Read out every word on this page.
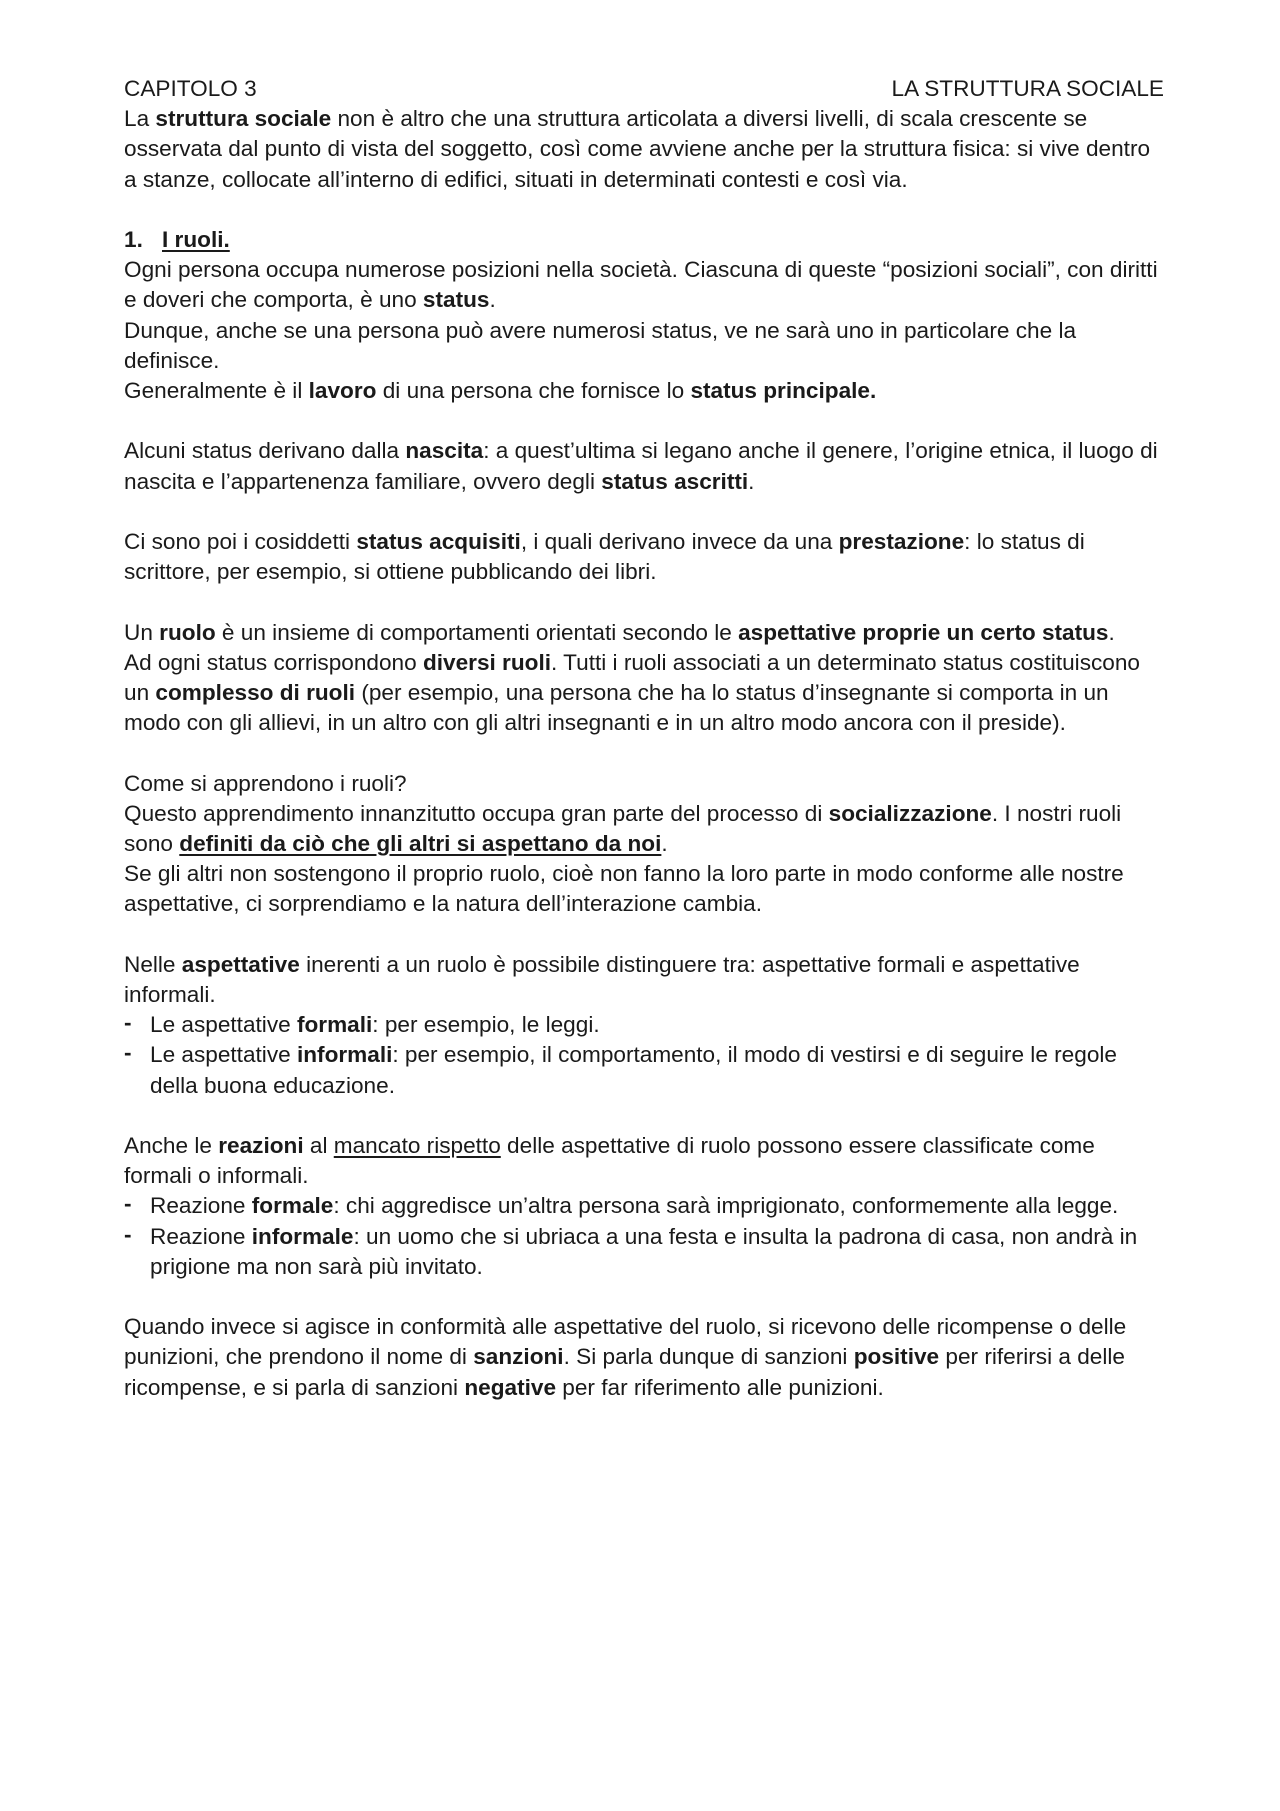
CAPITOLO 3	LA STRUTTURA SOCIALE

La struttura sociale non è altro che una struttura articolata a diversi livelli, di scala crescente se osservata dal punto di vista del soggetto, così come avviene anche per la struttura fisica: si vive dentro a stanze, collocate all’interno di edifici, situati in determinati contesti e così via.

1. I ruoli.

Ogni persona occupa numerose posizioni nella società. Ciascuna di queste “posizioni sociali”, con diritti e doveri che comporta, è uno status.

Dunque, anche se una persona può avere numerosi status, ve ne sarà uno in particolare che la definisce.

Generalmente è il lavoro di una persona che fornisce lo status principale.

Alcuni status derivano dalla nascita: a quest’ultima si legano anche il genere, l’origine etnica, il luogo di nascita e l’appartenenza familiare, ovvero degli status ascritti.

Ci sono poi i cosiddetti status acquisiti, i quali derivano invece da una prestazione: lo status di scrittore, per esempio, si ottiene pubblicando dei libri.

Un ruolo è un insieme di comportamenti orientati secondo le aspettative proprie un certo status.

Ad ogni status corrispondono diversi ruoli. Tutti i ruoli associati a un determinato status costituiscono un complesso di ruoli (per esempio, una persona che ha lo status d’insegnante si comporta in un modo con gli allievi, in un altro con gli altri insegnanti e in un altro modo ancora con il preside).

Come si apprendono i ruoli?

Questo apprendimento innanzitutto occupa gran parte del processo di socializzazione. I nostri ruoli sono definiti da ciò che gli altri si aspettano da noi.

Se gli altri non sostengono il proprio ruolo, cioè non fanno la loro parte in modo conforme alle nostre aspettative, ci sorprendiamo e la natura dell’interazione cambia.

Nelle aspettative inerenti a un ruolo è possibile distinguere tra: aspettative formali e aspettative informali.

- Le aspettative formali: per esempio, le leggi.
- Le aspettative informali: per esempio, il comportamento, il modo di vestirsi e di seguire le regole della buona educazione.

Anche le reazioni al mancato rispetto delle aspettative di ruolo possono essere classificate come formali o informali.

- Reazione formale: chi aggredisce un’altra persona sarà imprigionato, conformemente alla legge.
- Reazione informale: un uomo che si ubriaca a una festa e insulta la padrona di casa, non andrà in prigione ma non sarà più invitato.

Quando invece si agisce in conformità alle aspettative del ruolo, si ricevono delle ricompense o delle punizioni, che prendono il nome di sanzioni. Si parla dunque di sanzioni positive per riferirsi a delle ricompense, e si parla di sanzioni negative per far riferimento alle punizioni.
